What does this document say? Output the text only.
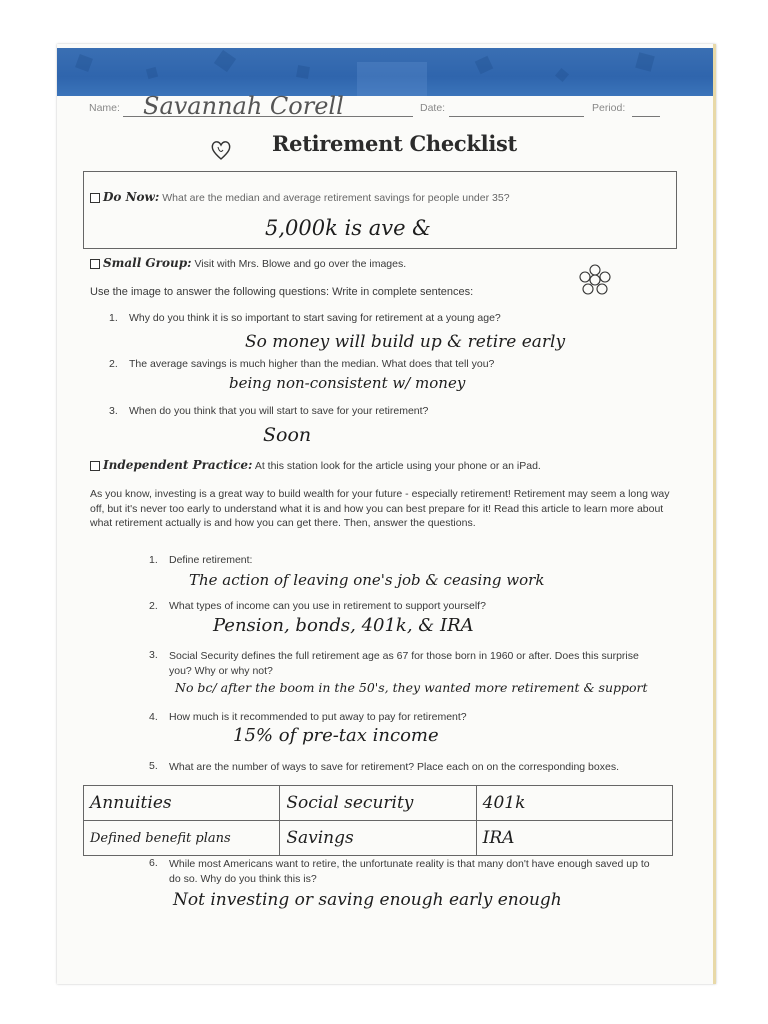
Name: Savannah Corell	Date:	Period:
Retirement Checklist
Do Now: What are the median and average retirement savings for people under 35?
5,000k is ave &
Small Group: Visit with Mrs. Blowe and go over the images.
Use the image to answer the following questions: Write in complete sentences:
1. Why do you think it is so important to start saving for retirement at a young age?
So money will build up & retire early
2. The average savings is much higher than the median. What does that tell you?
being non-consistent w/ money
3. When do you think that you will start to save for your retirement?
Soon
Independent Practice: At this station look for the article using your phone or an iPad.
As you know, investing is a great way to build wealth for your future - especially retirement! Retirement may seem a long way off, but it's never too early to understand what it is and how you can best prepare for it! Read this article to learn more about what retirement actually is and how you can get there. Then, answer the questions.
1. Define retirement:
The action of leaving one's job & ceasing work
2. What types of income can you use in retirement to support yourself?
Pension, bonds, 401k, & IRA
3. Social Security defines the full retirement age as 67 for those born in 1960 or after. Does this surprise you? Why or why not?
No bc/ after the boom in the 50's, they wanted more retirement & support
4. How much is it recommended to put away to pay for retirement?
15% of pre-tax income
5. What are the number of ways to save for retirement? Place each on on the corresponding boxes.
Annuities	Social security	401k
Defined benefit plans	Savings	IRA
6. While most Americans want to retire, the unfortunate reality is that many don't have enough saved up to do so. Why do you think this is?
Not investing or saving enough early enough
